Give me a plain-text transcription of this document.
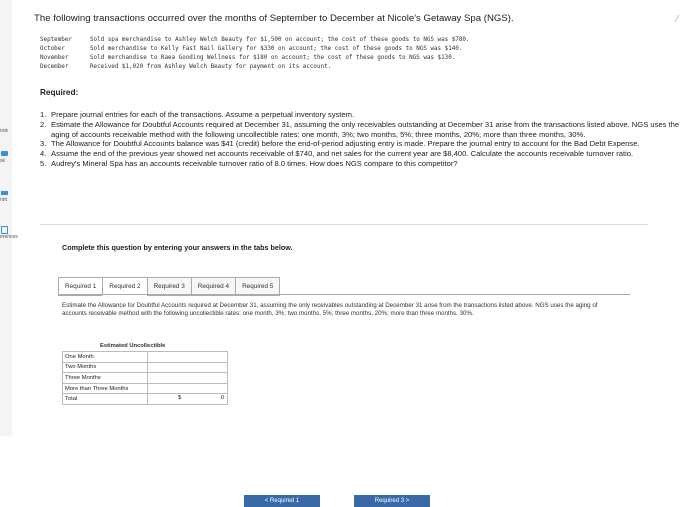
ook
sk
rint
erences
The following transactions occurred over the months of September to December at Nicole's Getaway Spa (NGS).	∕
September	Sold spa merchandise to Ashley Welch Beauty for $1,500 on account; the cost of these goods to NGS was $780.
October	Sold merchandise to Kelly Fast Nail Gallery for $330 on account; the cost of these goods to NGS was $140.
November	Sold merchandise to Raea Gooding Wellness for $180 on account; the cost of these goods to NGS was $130.
December	Received $1,020 from Ashley Welch Beauty for payment on its account.
Required:
1. Prepare journal entries for each of the transactions. Assume a perpetual inventory system.
2. Estimate the Allowance for Doubtful Accounts required at December 31, assuming the only receivables outstanding at December 31 arise from the transactions listed above. NGS uses the aging of accounts receivable method with the following uncollectible rates: one month, 3%; two months, 5%; three months, 20%; more than three months, 30%.
3. The Allowance for Doubtful Accounts balance was $41 (credit) before the end-of-period adjusting entry is made. Prepare the journal entry to account for the Bad Debt Expense.
4. Assume the end of the previous year showed net accounts receivable of $740, and net sales for the current year are $8,400. Calculate the accounts receivable turnover ratio.
5. Audrey's Mineral Spa has an accounts receivable turnover ratio of 8.0 times. How does NGS compare to this competitor?
Complete this question by entering your answers in the tabs below.
Required 1	Required 2	Required 3	Required 4	Required 5
Estimate the Allowance for Doubtful Accounts required at December 31, assuming the only receivables outstanding at December 31 arise from the transactions listed above. NGS uses the aging of accounts receivable method with the following uncollectible rates: one month, 3%; two months, 5%; three months, 20%; more than three months, 30%.
Estimated Uncollectible
One Month	
Two Months	
Three Months	
More than Three Months	
Total	$ 0
< Required 1	Required 3 >
